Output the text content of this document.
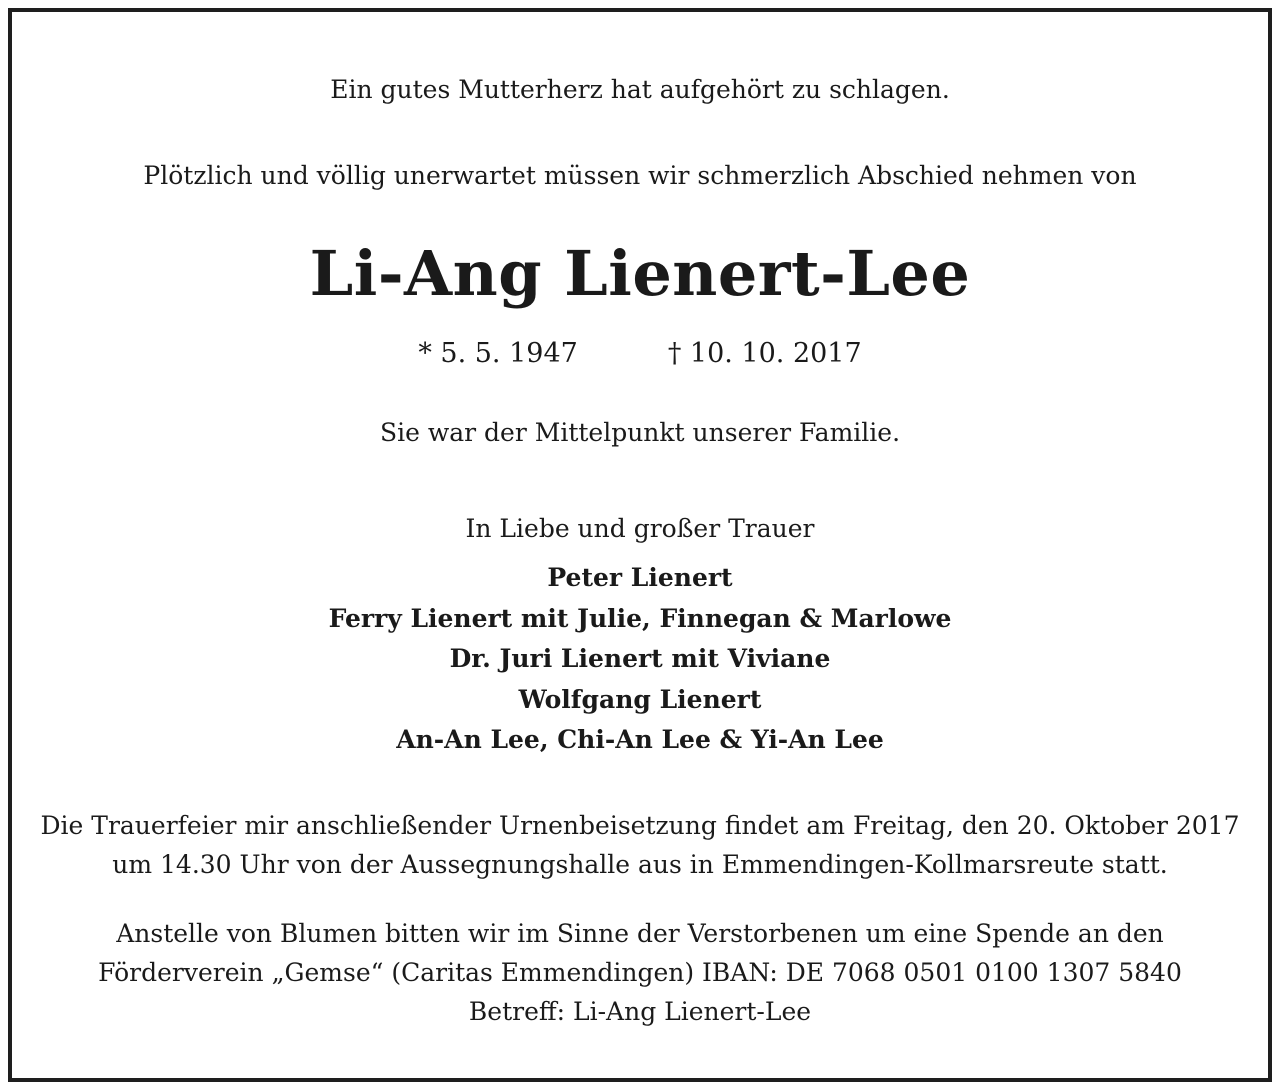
Ein gutes Mutterherz hat aufgehört zu schlagen.
Plötzlich und völlig unerwartet müssen wir schmerzlich Abschied nehmen von
Li-Ang Lienert-Lee
* 5. 5. 1947	† 10. 10. 2017
Sie war der Mittelpunkt unserer Familie.
In Liebe und großer Trauer
Peter Lienert
Ferry Lienert mit Julie, Finnegan & Marlowe
Dr. Juri Lienert mit Viviane
Wolfgang Lienert
An-An Lee, Chi-An Lee & Yi-An Lee
Die Trauerfeier mir anschließender Urnenbeisetzung findet am Freitag, den 20. Oktober 2017
um 14.30 Uhr von der Aussegnungshalle aus in Emmendingen-Kollmarsreute statt.
Anstelle von Blumen bitten wir im Sinne der Verstorbenen um eine Spende an den
Förderverein „Gemse“ (Caritas Emmendingen) IBAN: DE 7068 0501 0100 1307 5840
Betreff: Li-Ang Lienert-Lee
